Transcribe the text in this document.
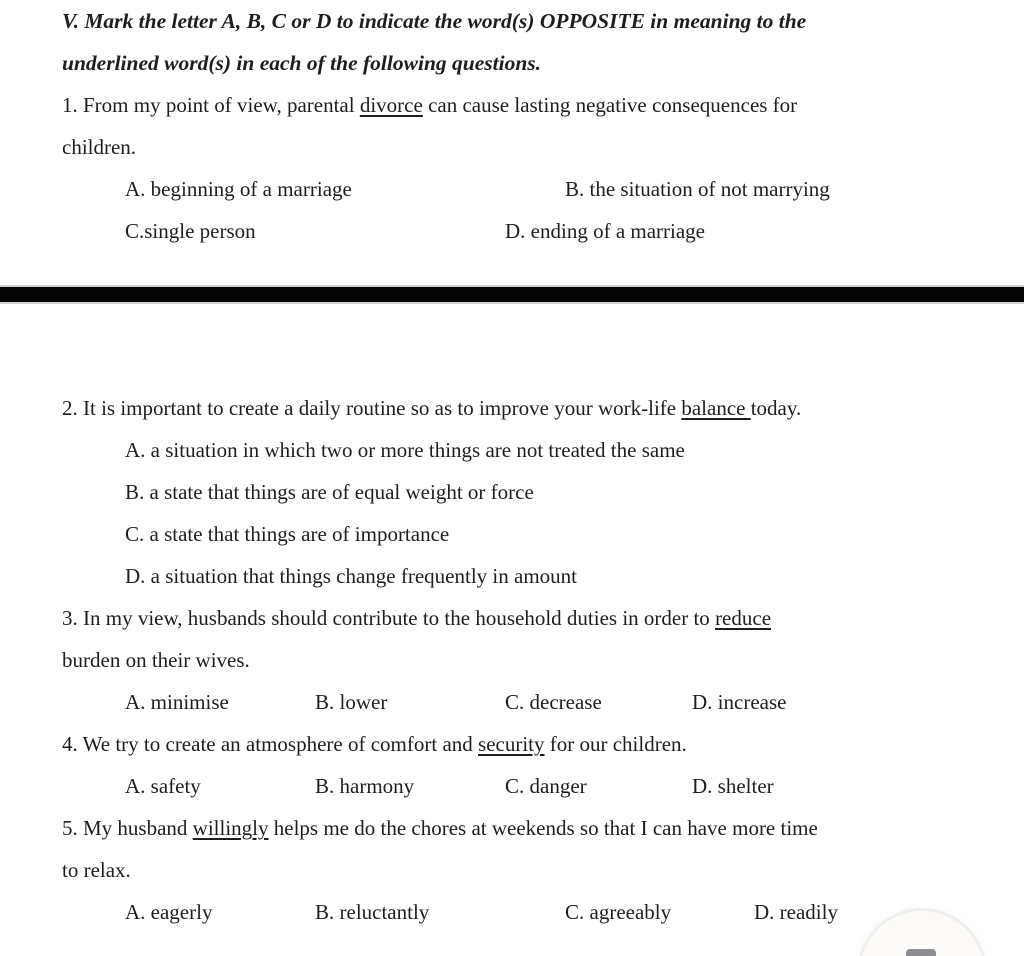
V. Mark the letter A, B, C or D to indicate the word(s) OPPOSITE in meaning to the
underlined word(s) in each of the following questions.
1. From my point of view, parental divorce can cause lasting negative consequences for
children.
A. beginning of a marriage	B. the situation of not marrying
C.single person	D. ending of a marriage
2. It is important to create a daily routine so as to improve your work-life balance today.
A. a situation in which two or more things are not treated the same
B. a state that things are of equal weight or force
C. a state that things are of importance
D. a situation that things change frequently in amount
3. In my view, husbands should contribute to the household duties in order to reduce
burden on their wives.
A. minimise	B. lower	C. decrease	D. increase
4. We try to create an atmosphere of comfort and security for our children.
A. safety	B. harmony	C. danger	D. shelter
5. My husband willingly helps me do the chores at weekends so that I can have more time
to relax.
A. eagerly	B. reluctantly	C. agreeably	D. readily
